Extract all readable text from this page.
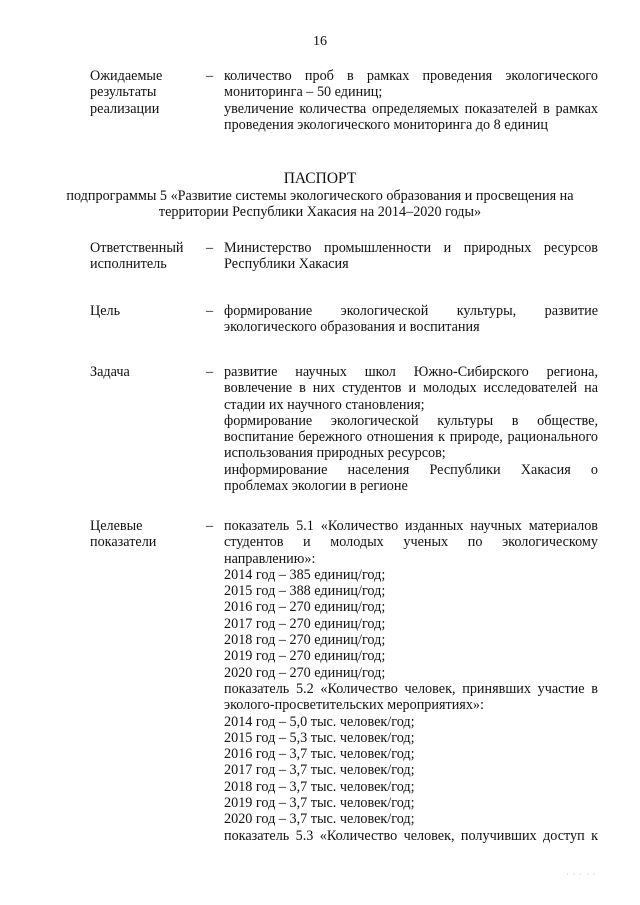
16
Ожидаемые
результаты
реализации
– количество проб в рамках проведения экологического
мониторинга – 50 единиц;
увеличение количества определяемых показателей в рамках
проведения экологического мониторинга до 8 единиц
ПАСПОРТ
подпрограммы 5 «Развитие системы экологического образования и просвещения на
территории Республики Хакасия на 2014–2020 годы»
Ответственный
исполнитель
– Министерство промышленности и природных ресурсов
Республики Хакасия
Цель	– формирование экологической культуры, развитие
экологического образования и воспитания
Задача	– развитие научных школ Южно-Сибирского региона,
вовлечение в них студентов и молодых исследователей на
стадии их научного становления;
формирование экологической культуры в обществе,
воспитание бережного отношения к природе, рационального
использования природных ресурсов;
информирование населения Республики Хакасия о
проблемах экологии в регионе
Целевые
показатели
– показатель 5.1 «Количество изданных научных материалов
студентов и молодых ученых по экологическому
направлению»:
2014 год – 385 единиц/год;
2015 год – 388 единиц/год;
2016 год – 270 единиц/год;
2017 год – 270 единиц/год;
2018 год – 270 единиц/год;
2019 год – 270 единиц/год;
2020 год – 270 единиц/год;
показатель 5.2 «Количество человек, принявших участие в
эколого-просветительских мероприятиях»:
2014 год – 5,0 тыс. человек/год;
2015 год – 5,3 тыс. человек/год;
2016 год – 3,7 тыс. человек/год;
2017 год – 3,7 тыс. человек/год;
2018 год – 3,7 тыс. человек/год;
2019 год – 3,7 тыс. человек/год;
2020 год – 3,7 тыс. человек/год;
показатель 5.3 «Количество человек, получивших доступ к
· · · · ·
